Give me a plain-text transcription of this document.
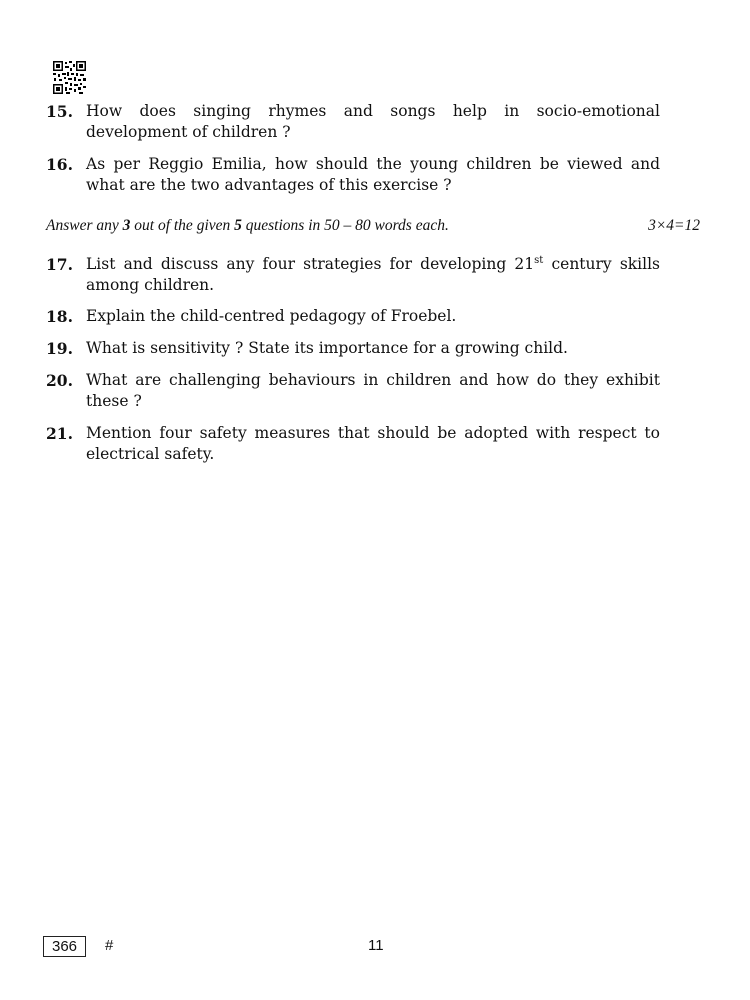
15. How does singing rhymes and songs help in socio-emotional development of children ?
16. As per Reggio Emilia, how should the young children be viewed and what are the two advantages of this exercise ?
Answer any 3 out of the given 5 questions in 50 – 80 words each.	3×4=12
17. List and discuss any four strategies for developing 21st century skills among children.
18. Explain the child-centred pedagogy of Froebel.
19. What is sensitivity ? State its importance for a growing child.
20. What are challenging behaviours in children and how do they exhibit these ?
21. Mention four safety measures that should be adopted with respect to electrical safety.
366	#	11
